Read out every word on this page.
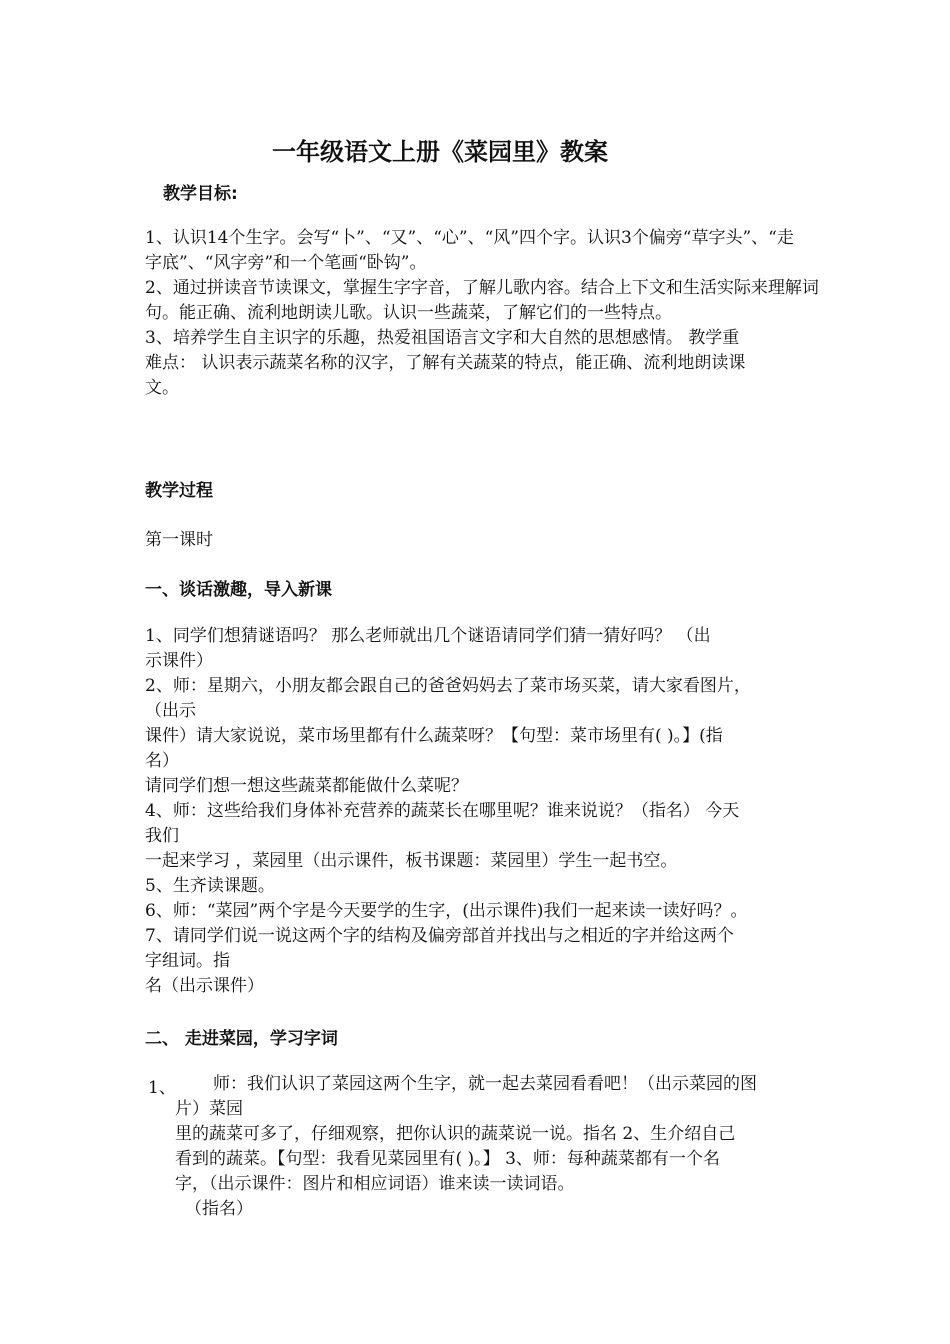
一年级语文上册《菜园里》教案
教学目标:
1、认识14个生字。会写“卜”、“又”、“心”、“风”四个字。认识3个偏旁“草字头”、“走
字底”、“风字旁”和一个笔画“卧钩”。
2、通过拼读音节读课文，掌握生字字音，了解儿歌内容。结合上下文和生活实际来理解词
句。能正确、流利地朗读儿歌。认识一些蔬菜，了解它们的一些特点。
3、培养学生自主识字的乐趣，热爱祖国语言文字和大自然的思想感情。 教学重
难点： 认识表示蔬菜名称的汉字，了解有关蔬菜的特点，能正确、流利地朗读课
文。
教学过程
第一课时
一、谈话激趣，导入新课
1、同学们想猜谜语吗？ 那么老师就出几个谜语请同学们猜一猜好吗？ （出
示课件）
2、师：星期六，小朋友都会跟自己的爸爸妈妈去了菜市场买菜，请大家看图片，
（出示
课件）请大家说说，菜市场里都有什么蔬菜呀？【句型：菜市场里有( )。】(指
名）
请同学们想一想这些蔬菜都能做什么菜呢？
4、师：这些给我们身体补充营养的蔬菜长在哪里呢？谁来说说？（指名） 今天
我们
一起来学习 ，菜园里（出示课件，板书课题：菜园里）学生一起书空。
5、生齐读课题。
6、师：“菜园”两个字是今天要学的生字，(出示课件)我们一起来读一读好吗？。
7、请同学们说一说这两个字的结构及偏旁部首并找出与之相近的字并给这两个
字组词。指
名（出示课件）
二、 走进菜园，学习字词
1、 师：我们认识了菜园这两个生字，就一起去菜园看看吧！（出示菜园的图
片）菜园
里的蔬菜可多了，仔细观察，把你认识的蔬菜说一说。指名 2、生介绍自己
看到的蔬菜。【句型：我看见菜园里有( )。】 3、师：每种蔬菜都有一个名
字，（出示课件：图片和相应词语）谁来读一读词语。
（指名）
